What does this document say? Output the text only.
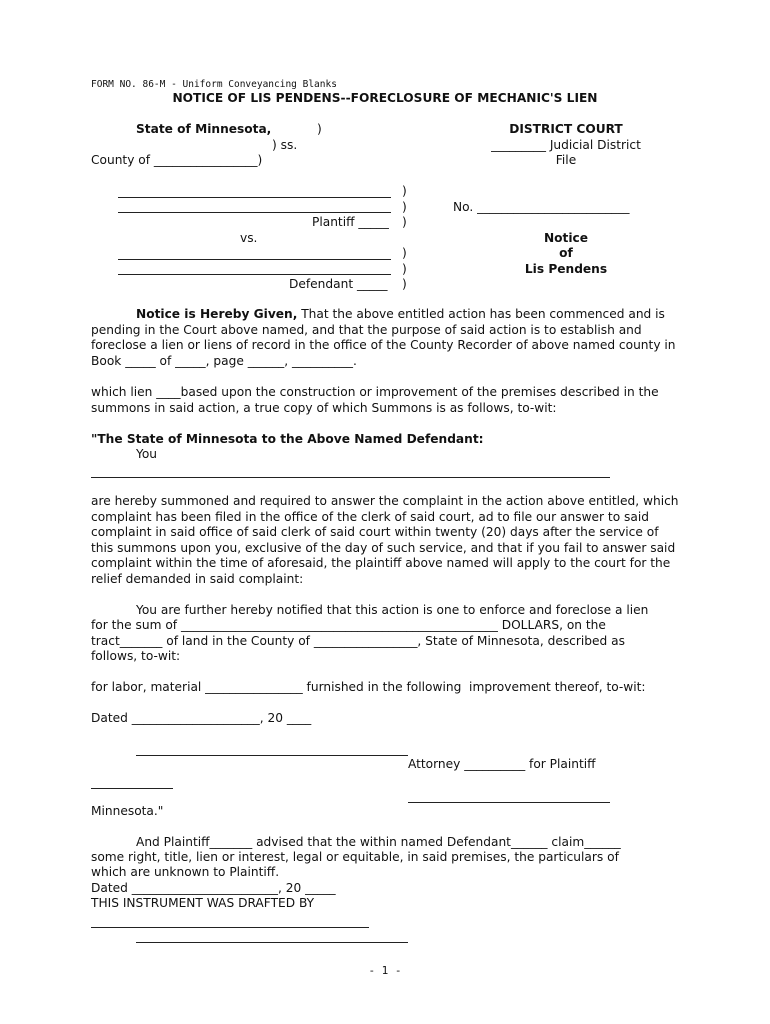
FORM NO. 86-M - Uniform Conveyancing Blanks
NOTICE OF LIS PENDENS--FORECLOSURE OF MECHANIC'S LIEN
State of Minnesota,	)
) ss.
County of _________________)
DISTRICT COURT
_________ Judicial District
File
)
)
)
Plantiff _____
No. _________________________
vs.	Notice
of
Lis Pendens
)
)
)
Defendant _____
Notice is Hereby Given, That the above entitled action has been commenced and is pending in the Court above named, and that the purpose of said action is to establish and foreclose a lien or liens of record in the office of the County Recorder of above named county in Book _____ of _____, page ______, __________.
which lien ____based upon the construction or improvement of the premises described in the summons in said action, a true copy of which Summons is as follows, to-wit:
"The State of Minnesota to the Above Named Defendant:
You
are hereby summoned and required to answer the complaint in the action above entitled, which complaint has been filed in the office of the clerk of said court, ad to file our answer to said complaint in said office of said clerk of said court within twenty (20) days after the service of this summons upon you, exclusive of the day of such service, and that if you fail to answer said complaint within the time of aforesaid, the plaintiff above named will apply to the court for the relief demanded in said complaint:
You are further hereby notified that this action is one to enforce and foreclose a lien
for the sum of ____________________________________________________ DOLLARS, on the
tract_______ of land in the County of _________________, State of Minnesota, described as
follows, to-wit:
for labor, material ________________ furnished in the following  improvement thereof, to-wit:
Dated _____________________, 20 ____
Attorney __________ for Plaintiff
Minnesota."
And Plaintiff_______ advised that the within named Defendant______ claim______
some right, title, lien or interest, legal or equitable, in said premises, the particulars of
which are unknown to Plaintiff.
Dated ________________________, 20 _____
THIS INSTRUMENT WAS DRAFTED BY
- 1 -
